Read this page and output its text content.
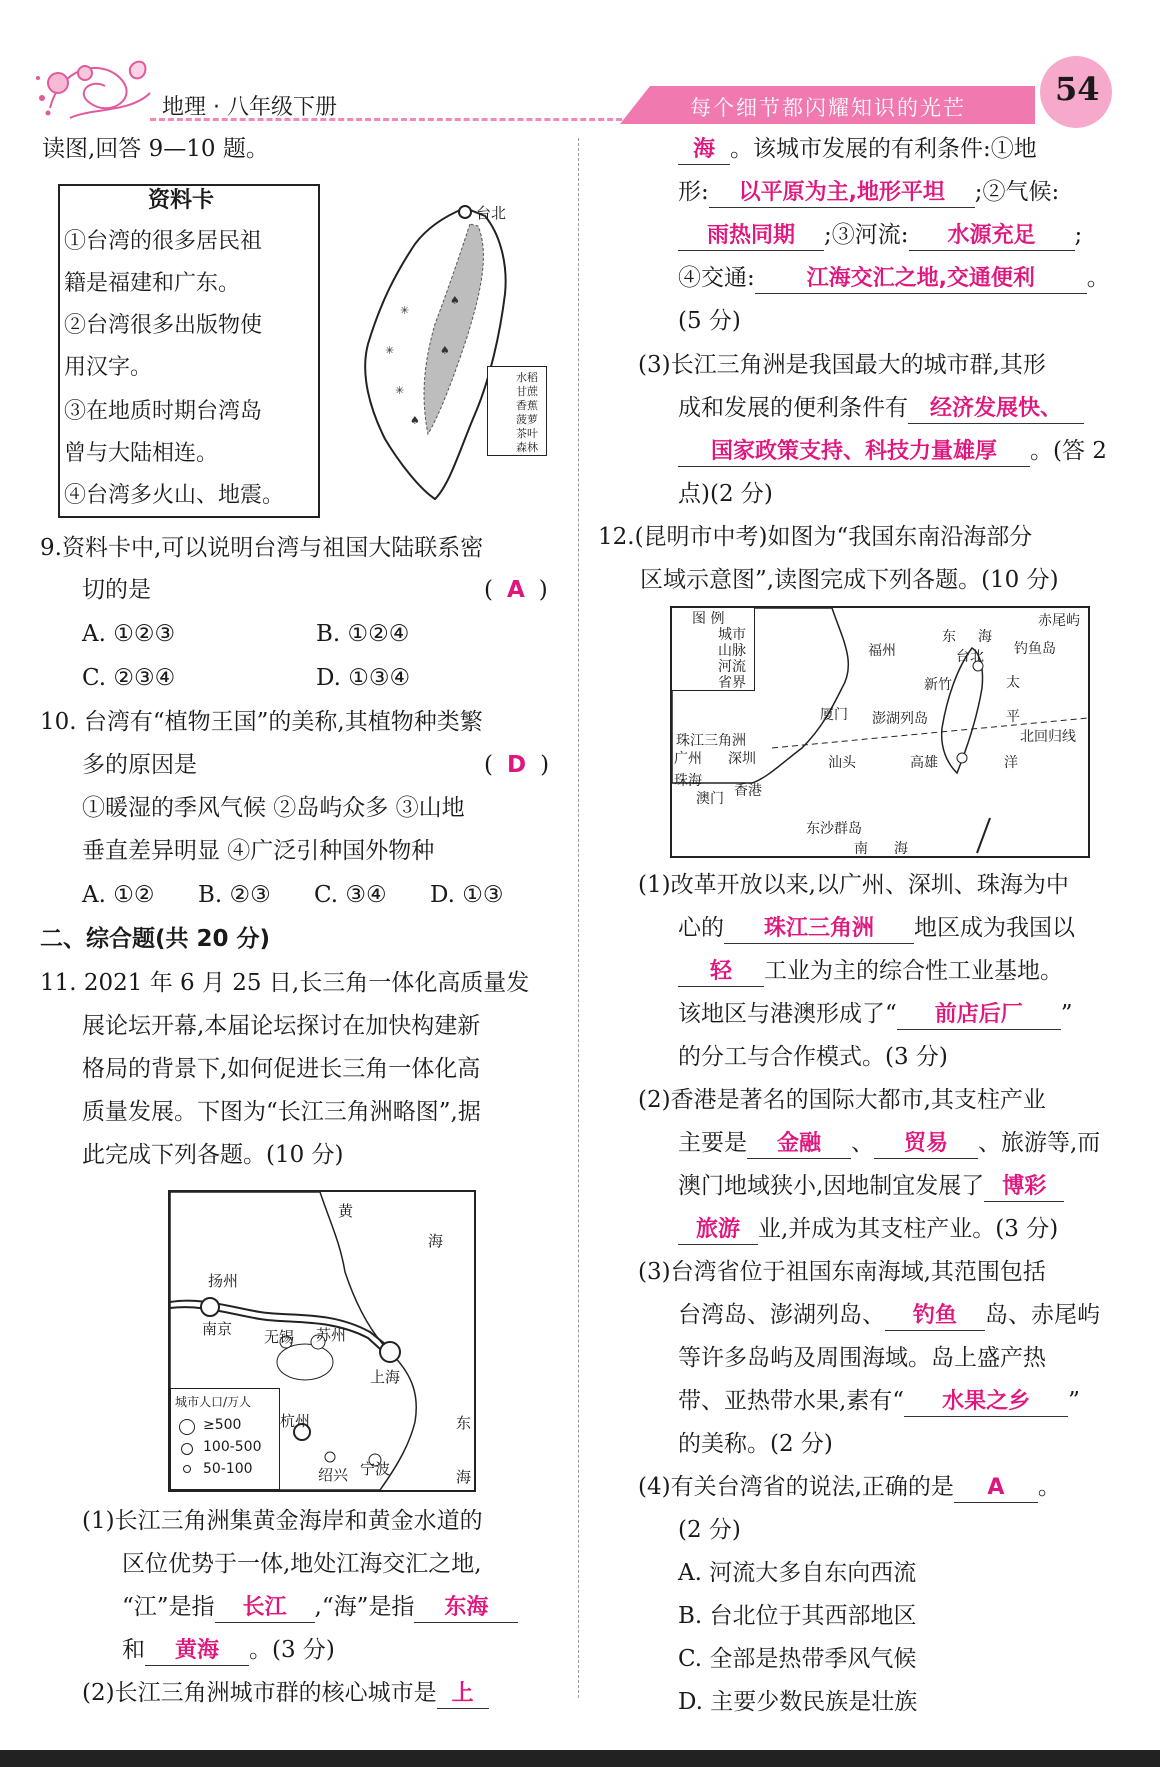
地理 · 八年级下册	每个细节都闪耀知识的光芒	54
读图,回答 9—10 题。
资料卡
①台湾的很多居民祖
籍是福建和广东。
②台湾很多出版物使
用汉字。
③在地质时期台湾岛
曾与大陆相连。
④台湾多火山、地震。
✳
✳
✳
♠
♠
♠
台北
水稻
甘蔗
香蕉
菠萝
茶叶
森林
9.资料卡中,可以说明台湾与祖国大陆联系密
切的是	( A )
A. ①②③	B. ①②④
C. ②③④	D. ①③④
10. 台湾有“植物王国”的美称,其植物种类繁
多的原因是	( D )
①暖湿的季风气候 ②岛屿众多 ③山地
垂直差异明显 ④广泛引种国外物种
A. ①② B. ②③ C. ③④ D. ①③
二、综合题(共 20 分)
11. 2021 年 6 月 25 日,长三角一体化高质量发
展论坛开幕,本届论坛探讨在加快构建新
格局的背景下,如何促进长三角一体化高
质量发展。下图为“长江三角洲略图”,据
此完成下列各题。(10 分)
黄
海
扬州
南京 无锡 苏州
上海
杭州
绍兴 宁波
东
海
城市人口/万人
≥500
100-500
50-100
(1)长江三角洲集黄金海岸和黄金水道的
区位优势于一体,地处江海交汇之地,
“江”是指 长江 ,“海”是指 东海
和 黄海 。(3 分)
(2)长江三角洲城市群的核心城市是 上
海 。该城市发展的有利条件:①地
形: 以平原为主,地形平坦 ;②气候:
雨热同期 ;③河流: 水源充足 ;
④交通: 江海交汇之地,交通便利 。
(5 分)
(3)长江三角洲是我国最大的城市群,其形
成和发展的便利条件有 经济发展快、
国家政策支持、科技力量雄厚 。(答 2
点)(2 分)
12.(昆明市中考)如图为“我国东南沿海部分
区域示意图”,读图完成下列各题。(10 分)
图 例
城市
山脉
河流
省界
赤尾屿
福州
东 海
台北 钓鱼岛
新竹	太
厦门 澎湖列岛	平
北回归线
珠江三角洲
广州 深圳	汕头	高雄	洋
珠海
香港
澳门
东沙群岛
南 海
(1)改革开放以来,以广州、深圳、珠海为中
心的 珠江三角洲 地区成为我国以
轻 工业为主的综合性工业基地。
该地区与港澳形成了“ 前店后厂 ”
的分工与合作模式。(3 分)
(2)香港是著名的国际大都市,其支柱产业
主要是 金融 、 贸易 、旅游等,而
澳门地域狭小,因地制宜发展了 博彩
旅游 业,并成为其支柱产业。(3 分)
(3)台湾省位于祖国东南海域,其范围包括
台湾岛、澎湖列岛、 钓鱼 岛、赤尾屿
等许多岛屿及周围海域。岛上盛产热
带、亚热带水果,素有“ 水果之乡 ”
的美称。(2 分)
(4)有关台湾省的说法,正确的是 A 。
(2 分)
A. 河流大多自东向西流
B. 台北位于其西部地区
C. 全部是热带季风气候
D. 主要少数民族是壮族
